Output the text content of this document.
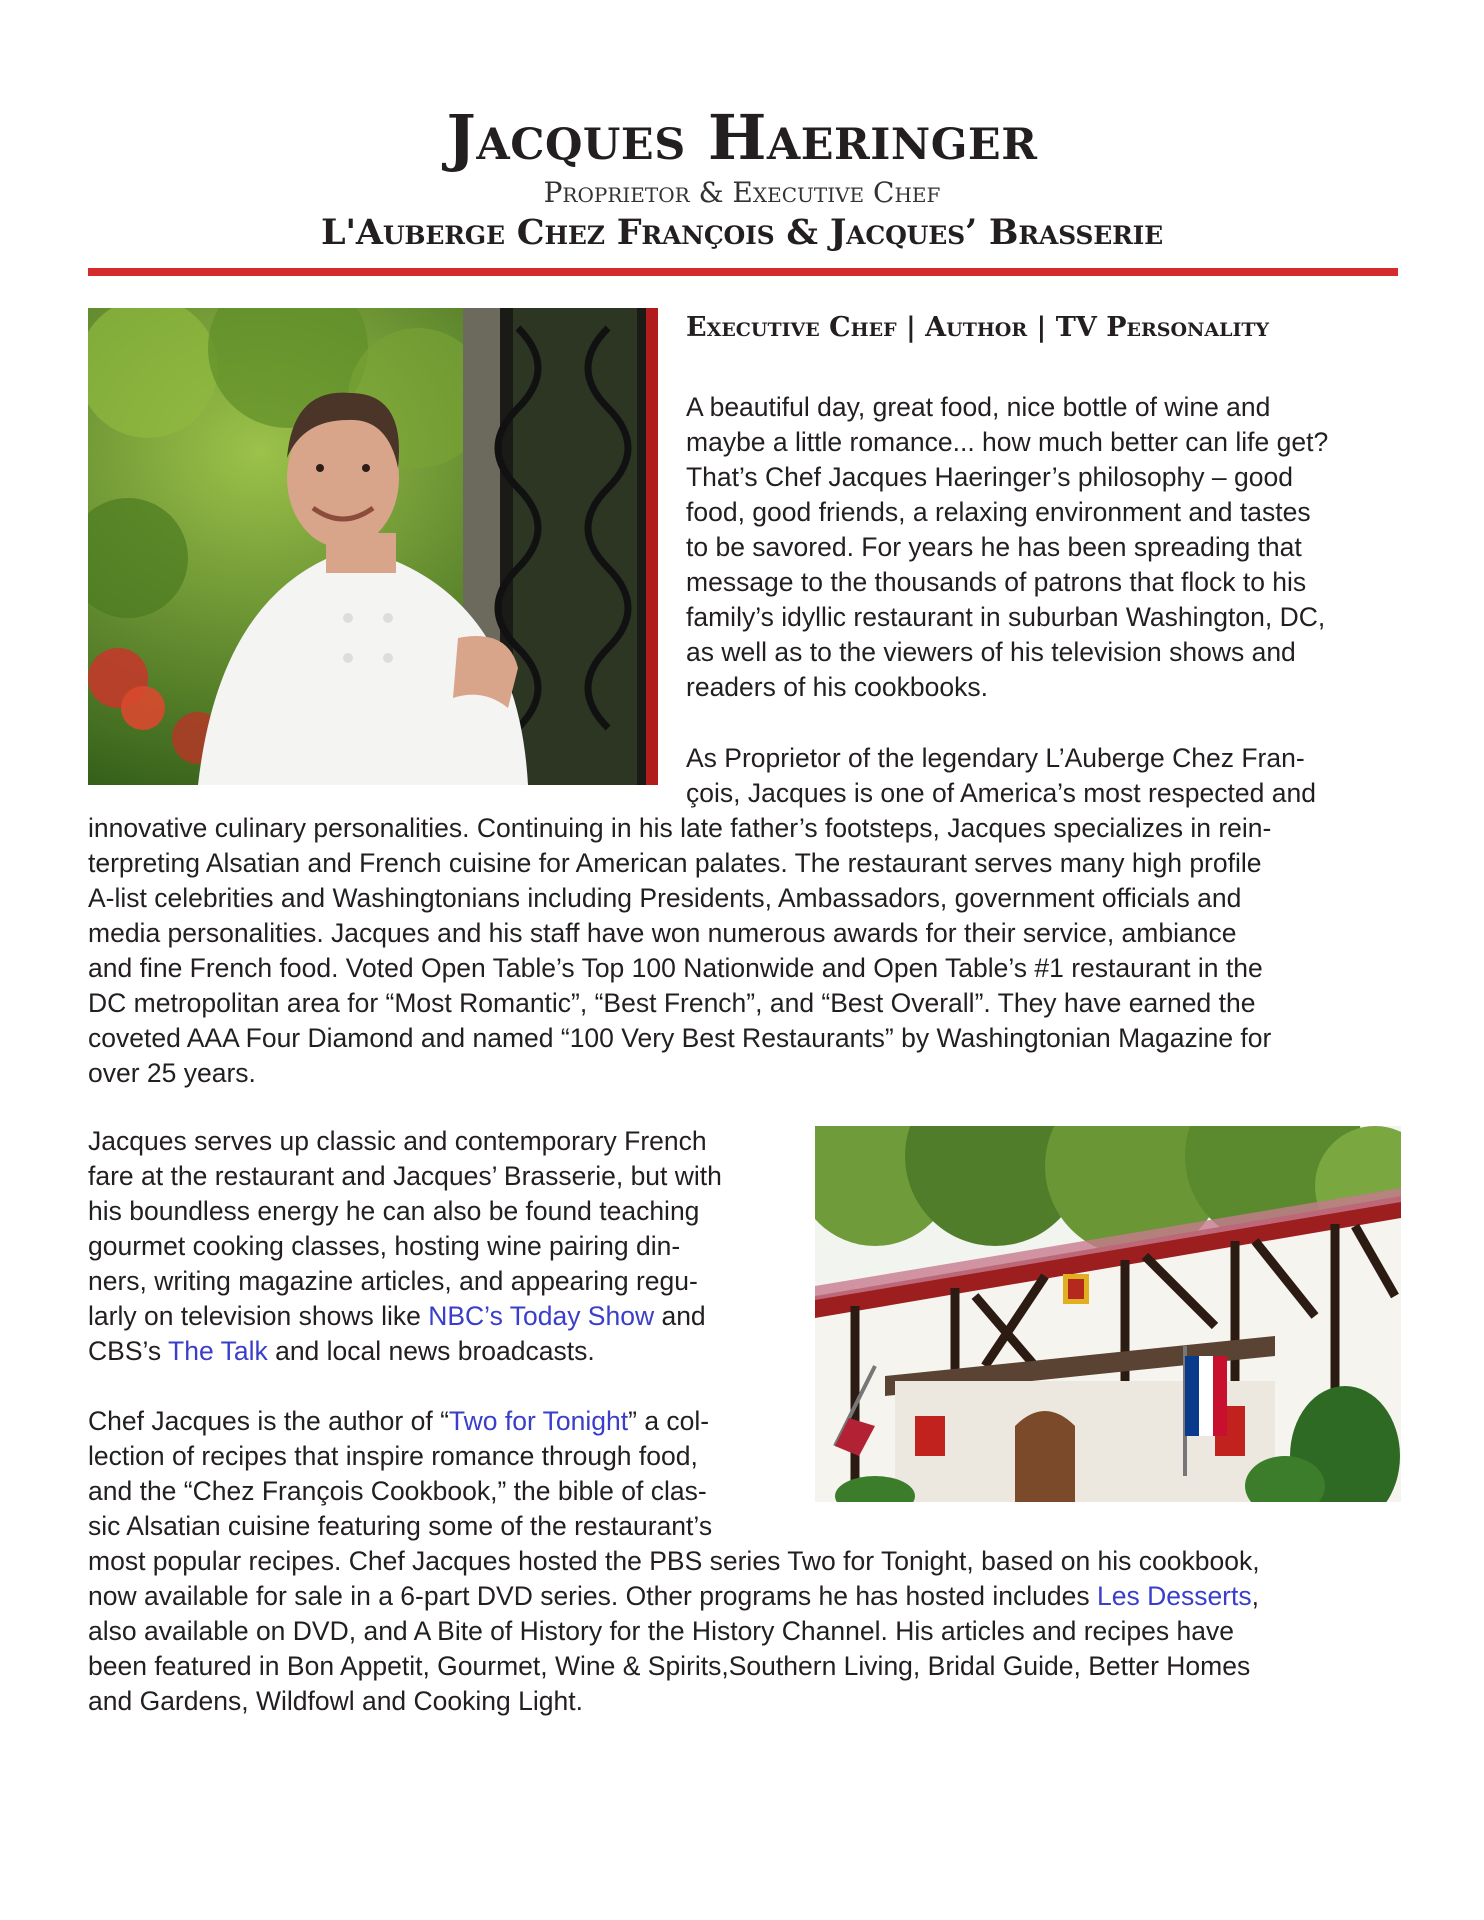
Jacques Haeringer
Proprietor & Executive Chef
L'Auberge Chez François & Jacques’ Brasserie
Executive Chef | Author | TV Personality
A beautiful day, great food, nice bottle of wine and
maybe a little romance... how much better can life get?
That’s Chef Jacques Haeringer’s philosophy – good
food, good friends, a relaxing environment and tastes
to be savored. For years he has been spreading that
message to the thousands of patrons that flock to his
family’s idyllic restaurant in suburban Washington, DC,
as well as to the viewers of his television shows and
readers of his cookbooks.
As Proprietor of the legendary L’Auberge Chez Fran-
çois, Jacques is one of America’s most respected and
innovative culinary personalities. Continuing in his late father’s footsteps, Jacques specializes in rein-
terpreting Alsatian and French cuisine for American palates. The restaurant serves many high profile
A-list celebrities and Washingtonians including Presidents, Ambassadors, government officials and
media personalities. Jacques and his staff have won numerous awards for their service, ambiance
and fine French food. Voted Open Table’s Top 100 Nationwide and Open Table’s #1 restaurant in the
DC metropolitan area for “Most Romantic”, “Best French”, and “Best Overall”. They have earned the
coveted AAA Four Diamond and named “100 Very Best Restaurants” by Washingtonian Magazine for
over 25 years.
Jacques serves up classic and contemporary French
fare at the restaurant and Jacques’ Brasserie, but with
his boundless energy he can also be found teaching
gourmet cooking classes, hosting wine pairing din-
ners, writing magazine articles, and appearing regu-
larly on television shows like NBC’s Today Show and
CBS’s The Talk and local news broadcasts.
Chef Jacques is the author of “Two for Tonight” a col-
lection of recipes that inspire romance through food,
and the “Chez François Cookbook,” the bible of clas-
sic Alsatian cuisine featuring some of the restaurant’s
most popular recipes. Chef Jacques hosted the PBS series Two for Tonight, based on his cookbook,
now available for sale in a 6-part DVD series. Other programs he has hosted includes Les Desserts,
also available on DVD, and A Bite of History for the History Channel. His articles and recipes have
been featured in Bon Appetit, Gourmet, Wine & Spirits,Southern Living, Bridal Guide, Better Homes
and Gardens, Wildfowl and Cooking Light.
